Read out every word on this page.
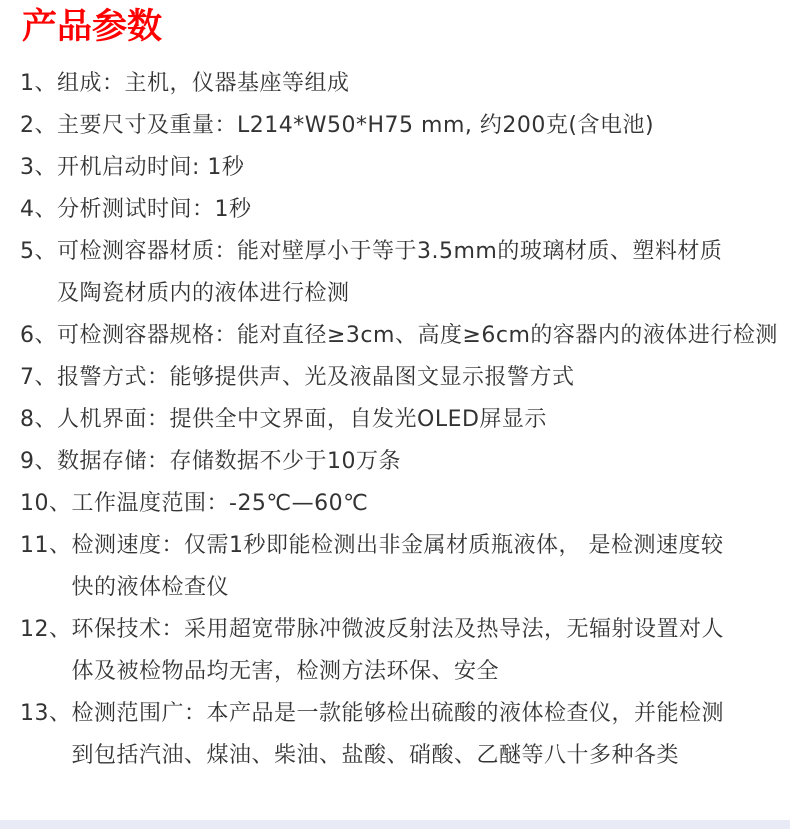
产品参数
1、 组成：主机，仪器基座等组成
2、 主要尺寸及重量：L214*W50*H75 mm, 约200克(含电池)
3、 开机启动时间: 1秒
4、 分析测试时间：1秒
5、 可检测容器材质：能对壁厚小于等于3.5mm的玻璃材质、塑料材质
及陶瓷材质内的液体进行检测
6、 可检测容器规格：能对直径≥3cm、高度≥6cm的容器内的液体进行检测
7、 报警方式：能够提供声、光及液晶图文显示报警方式
8、 人机界面：提供全中文界面，自发光OLED屏显示
9、 数据存储：存储数据不少于10万条
10、 工作温度范围：-25℃—60℃
11、 检测速度：仅需1秒即能检测出非金属材质瓶液体， 是检测速度较
快的液体检查仪
12、 环保技术：采用超宽带脉冲微波反射法及热导法，无辐射设置对人
体及被检物品均无害，检测方法环保、安全
13、 检测范围广：本产品是一款能够检出硫酸的液体检查仪，并能检测
到包括汽油、煤油、柴油、盐酸、硝酸、乙醚等八十多种各类
